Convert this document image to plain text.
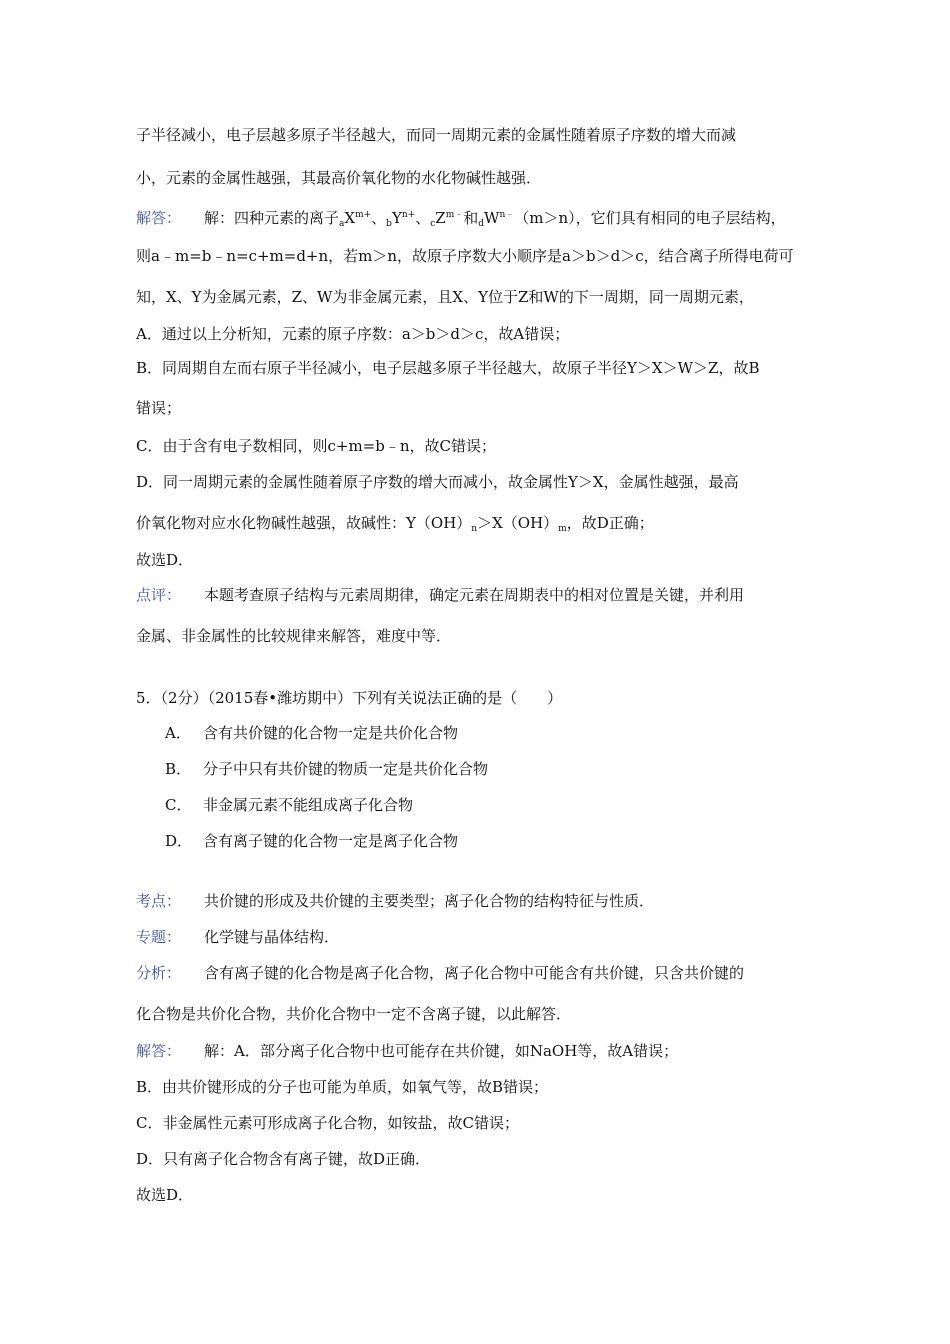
子半径减小，电子层越多原子半径越大，而同一周期元素的金属性随着原子序数的增大而减
小，元素的金属性越强，其最高价氧化物的水化物碱性越强．
解答： 解：四种元素的离子$_aX^{m+}$、$_bY^{n+}$、$_cZ^{m﹣}$和$_dW^{n﹣}(m>n)$，它们具有相同的电子层结构，
则a﹣m=b﹣n=c+m=d+n，若m＞n，故原子序数大小顺序是a＞b＞d＞c，结合离子所得电荷可
知，X、Y为金属元素，Z、W为非金属元素，且X、Y位于Z和W的下一周期，同一周期元素，
A．通过以上分析知，元素的原子序数：a＞b＞d＞c，故A错误；
B．同周期自左而右原子半径减小，电子层越多原子半径越大，故原子半径Y＞X＞W＞Z，故B
错误；
C．由于含有电子数相同，则c+m=b﹣n，故C错误；
D．同一周期元素的金属性随着原子序数的增大而减小，故金属性Y＞X，金属性越强，最高
价氧化物对应水化物碱性越强，故碱性：$Y(OH)_n>X(OH)_m$，故D正确；
故选D．
点评： 本题考查原子结构与元素周期律，确定元素在周期表中的相对位置是关键，并利用
金属、非金属性的比较规律来解答，难度中等．
5．（2分）（2015春•潍坊期中）下列有关说法正确的是（　　）
A． 含有共价键的化合物一定是共价化合物
B． 分子中只有共价键的物质一定是共价化合物
C． 非金属元素不能组成离子化合物
D． 含有离子键的化合物一定是离子化合物
考点： 共价键的形成及共价键的主要类型；离子化合物的结构特征与性质．
专题： 化学键与晶体结构．
分析： 含有离子键的化合物是离子化合物，离子化合物中可能含有共价键，只含共价键的
化合物是共价化合物，共价化合物中一定不含离子键，以此解答．
解答： 解：A．部分离子化合物中也可能存在共价键，如NaOH等，故A错误；
B．由共价键形成的分子也可能为单质，如氧气等，故B错误；
C．非金属性元素可形成离子化合物，如铵盐，故C错误；
D．只有离子化合物含有离子键，故D正确．
故选D．
